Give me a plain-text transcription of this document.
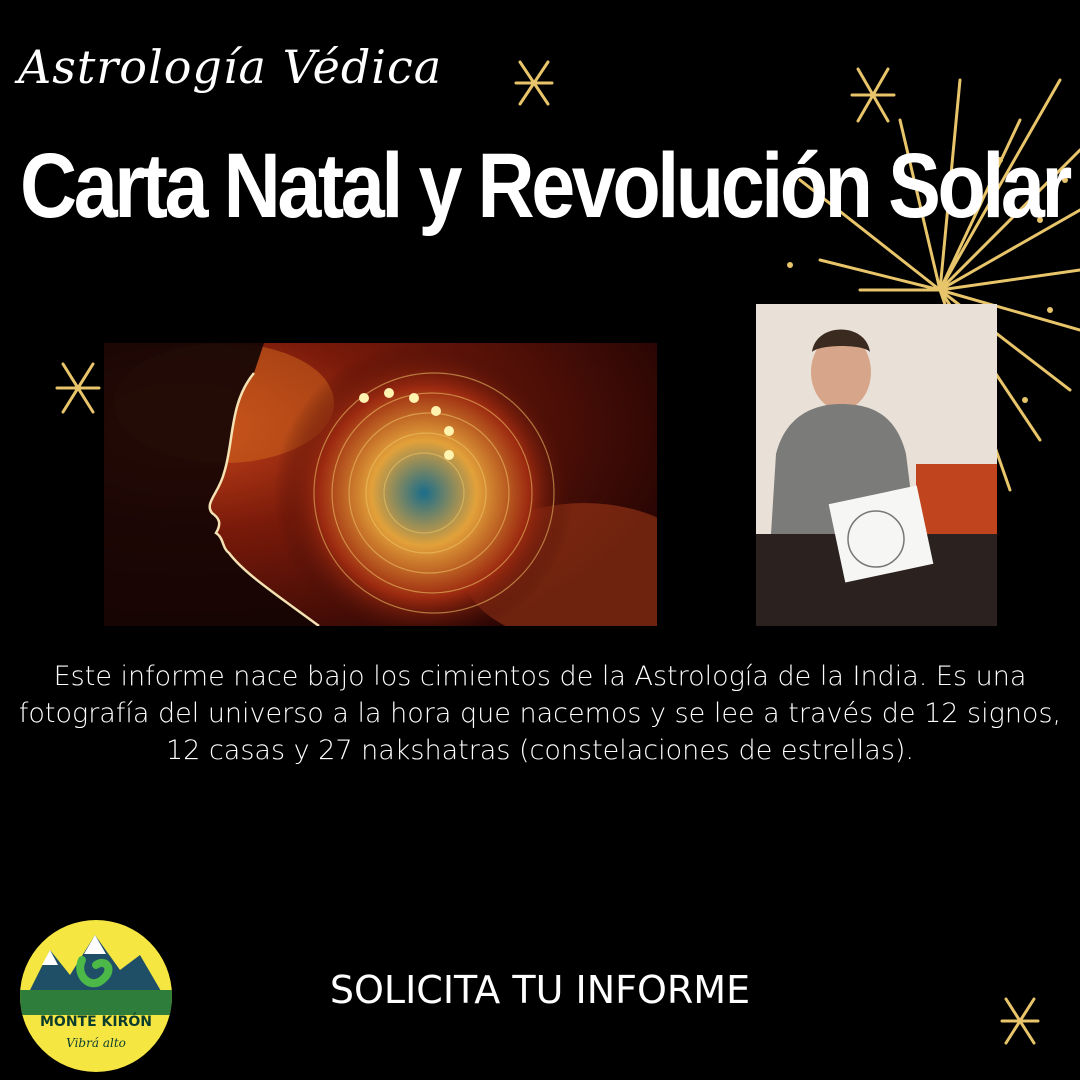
Astrología Védica
Carta Natal y Revolución Solar
Este informe nace bajo los cimientos de la Astrología de la India. Es una fotografía del universo a la hora que nacemos y se lee a través de 12 signos, 12 casas y 27 nakshatras (constelaciones de estrellas).
SOLICITA TU INFORME
MONTE KIRÓN
Vibrá alto
